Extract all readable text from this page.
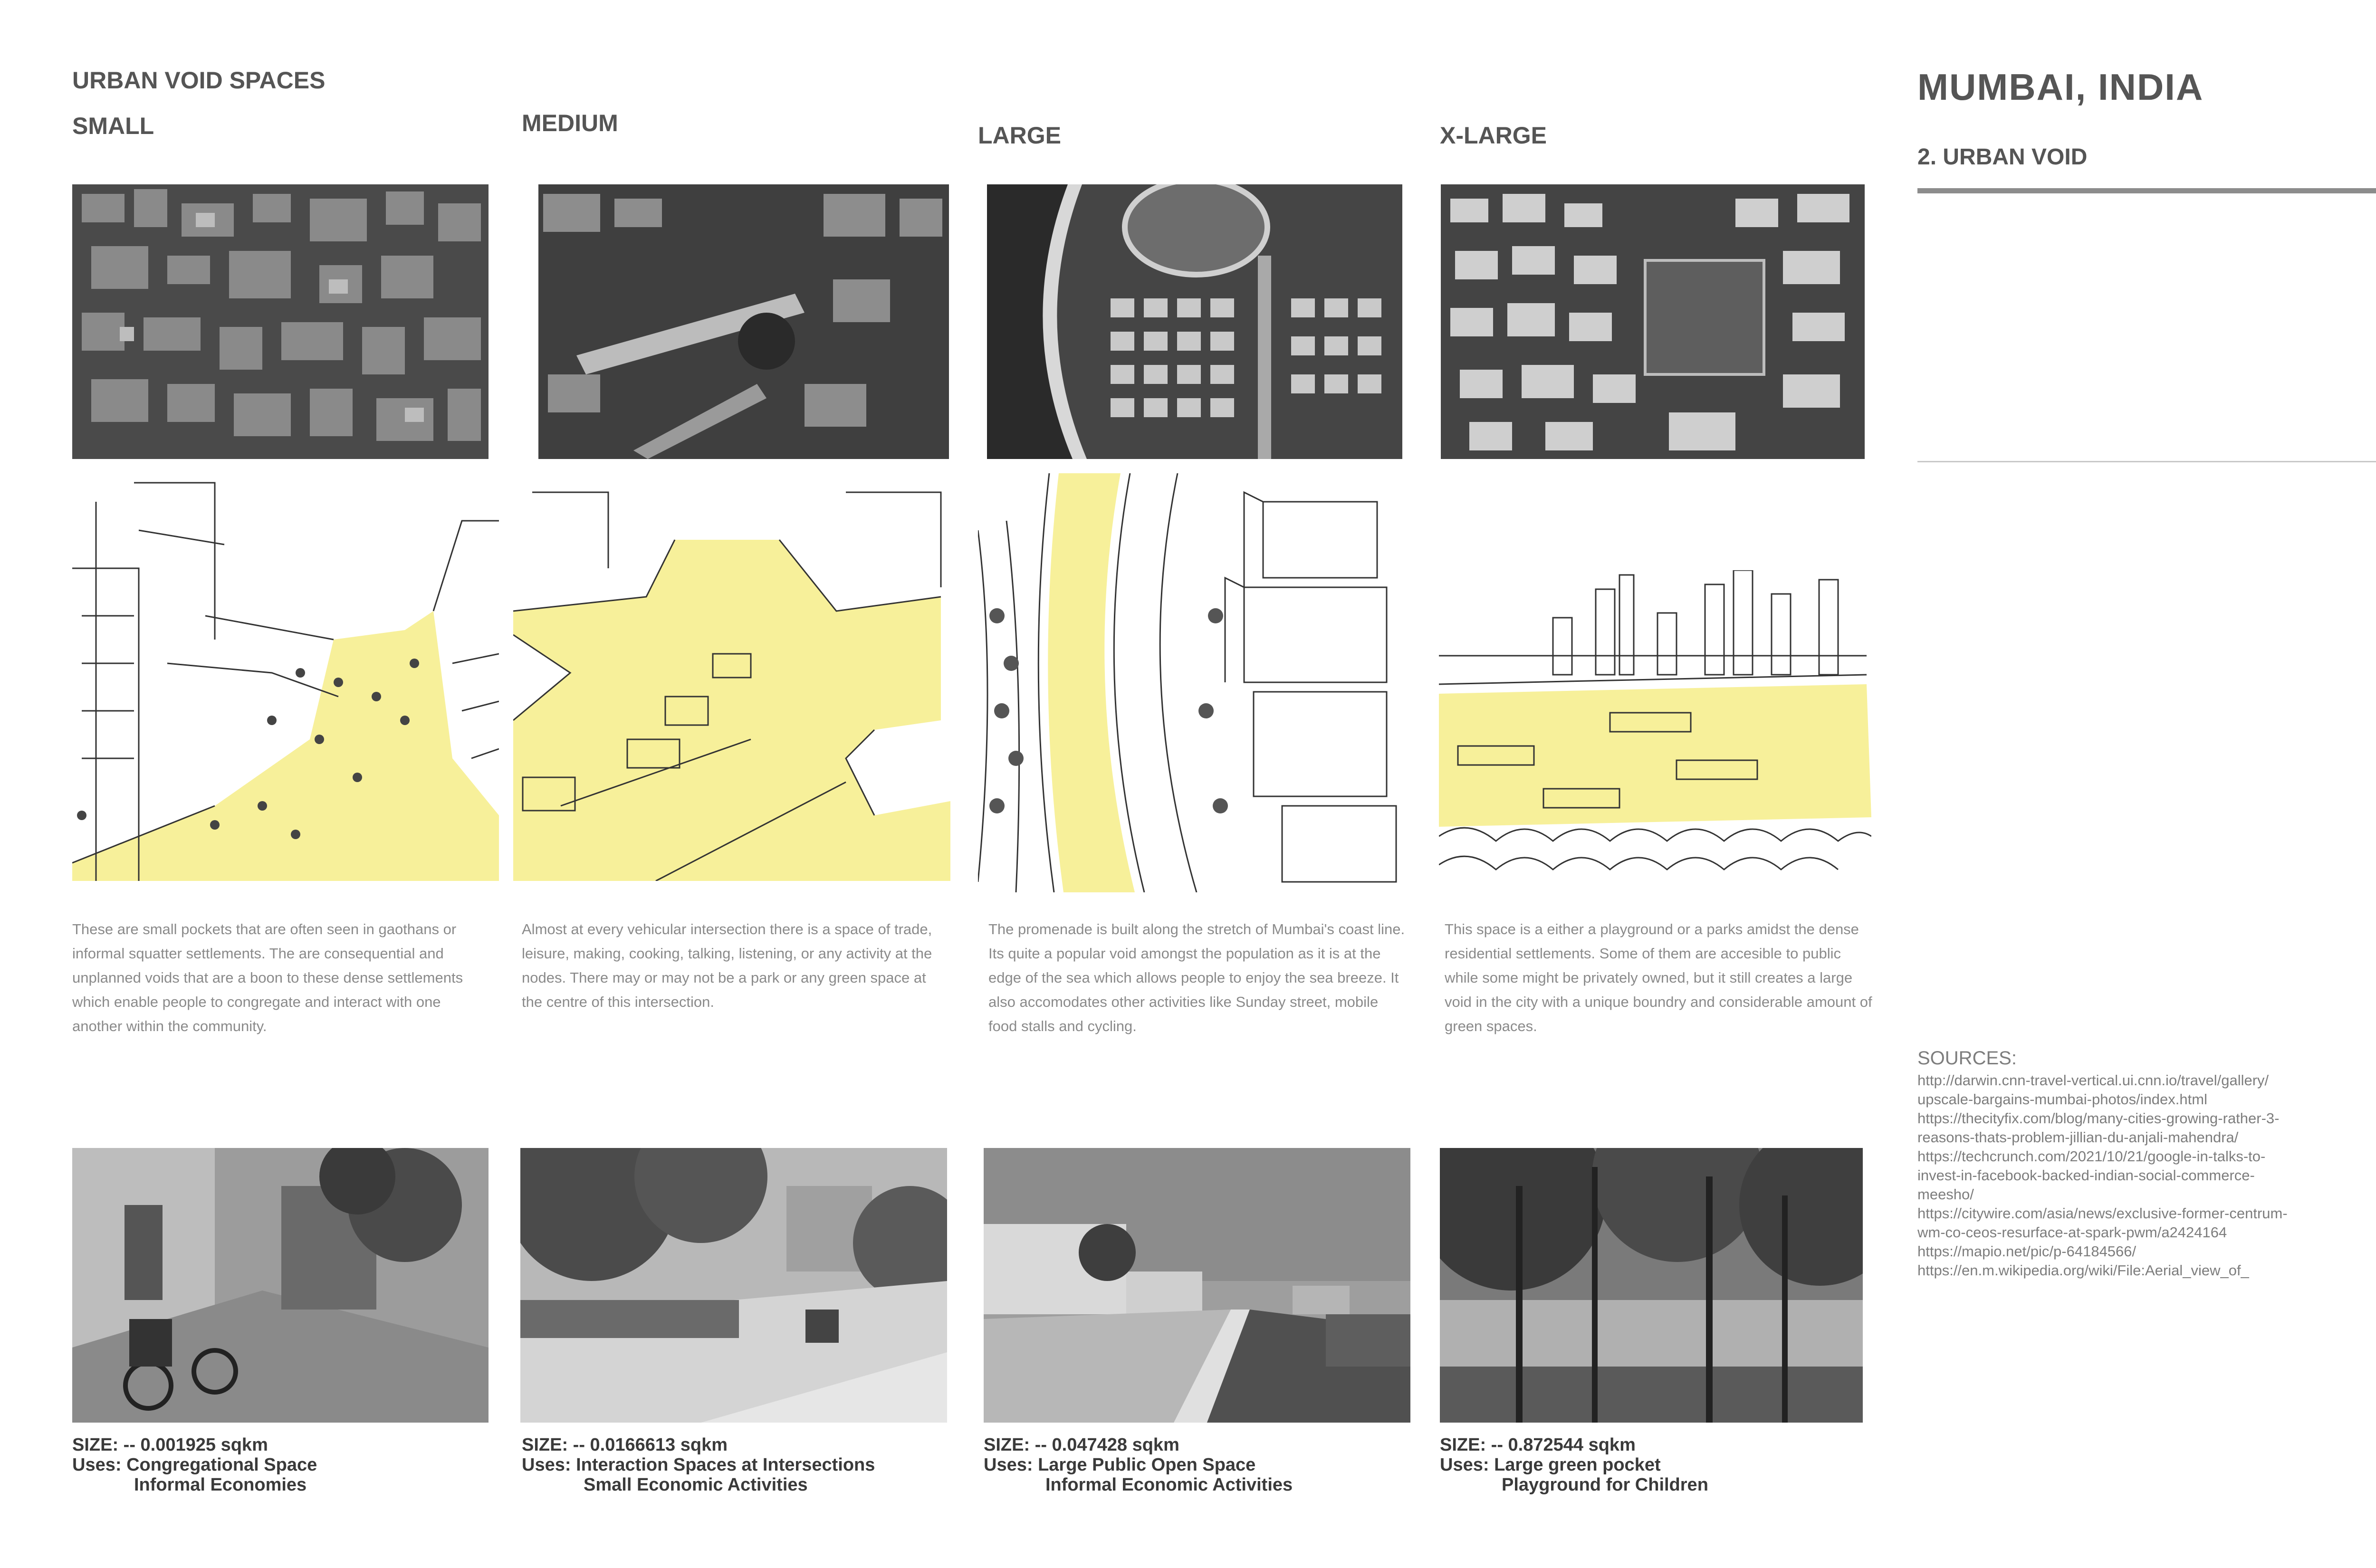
URBAN VOID SPACES
SMALL	MEDIUM	LARGE	X-LARGE
MUMBAI, INDIA
2. URBAN VOID

These are small pockets that are often seen in gaothans or informal squatter settlements. The are consequential and unplanned voids that are a boon to these dense settlements which enable people to congregate and interact with one another within the community.

Almost at every vehicular intersection there is a space of trade, leisure, making, cooking, talking, listening, or any activity at the nodes. There may or may not be a park or any green space at the centre of this intersection.

The promenade is built along the stretch of Mumbai's coast line. Its quite a popular void amongst the population as it is at the edge of the sea which allows people to enjoy the sea breeze. It also accomodates other activities like Sunday street, mobile food stalls and cycling.

This space is a either a playground or a parks amidst the dense residential settlements. Some of them are accesible to public while some might be privately owned, but it still creates a large void in the city with a unique boundry and considerable amount of green spaces.

SOURCES:
http://darwin.cnn-travel-vertical.ui.cnn.io/travel/gallery/
upscale-bargains-mumbai-photos/index.html
https://thecityfix.com/blog/many-cities-growing-rather-3-
reasons-thats-problem-jillian-du-anjali-mahendra/
https://techcrunch.com/2021/10/21/google-in-talks-to-
invest-in-facebook-backed-indian-social-commerce-
meesho/
https://citywire.com/asia/news/exclusive-former-centrum-
wm-co-ceos-resurface-at-spark-pwm/a2424164
https://mapio.net/pic/p-64184566/
https://en.m.wikipedia.org/wiki/File:Aerial_view_of_
SIZE: -- 0.001925 sqkm
Uses: Congregational Space
Informal Economies
SIZE: -- 0.0166613 sqkm
Uses: Interaction Spaces at Intersections
Small Economic Activities
SIZE: -- 0.047428 sqkm
Uses: Large Public Open Space
Informal Economic Activities
SIZE: -- 0.872544 sqkm
Uses: Large green pocket
Playground for Children
